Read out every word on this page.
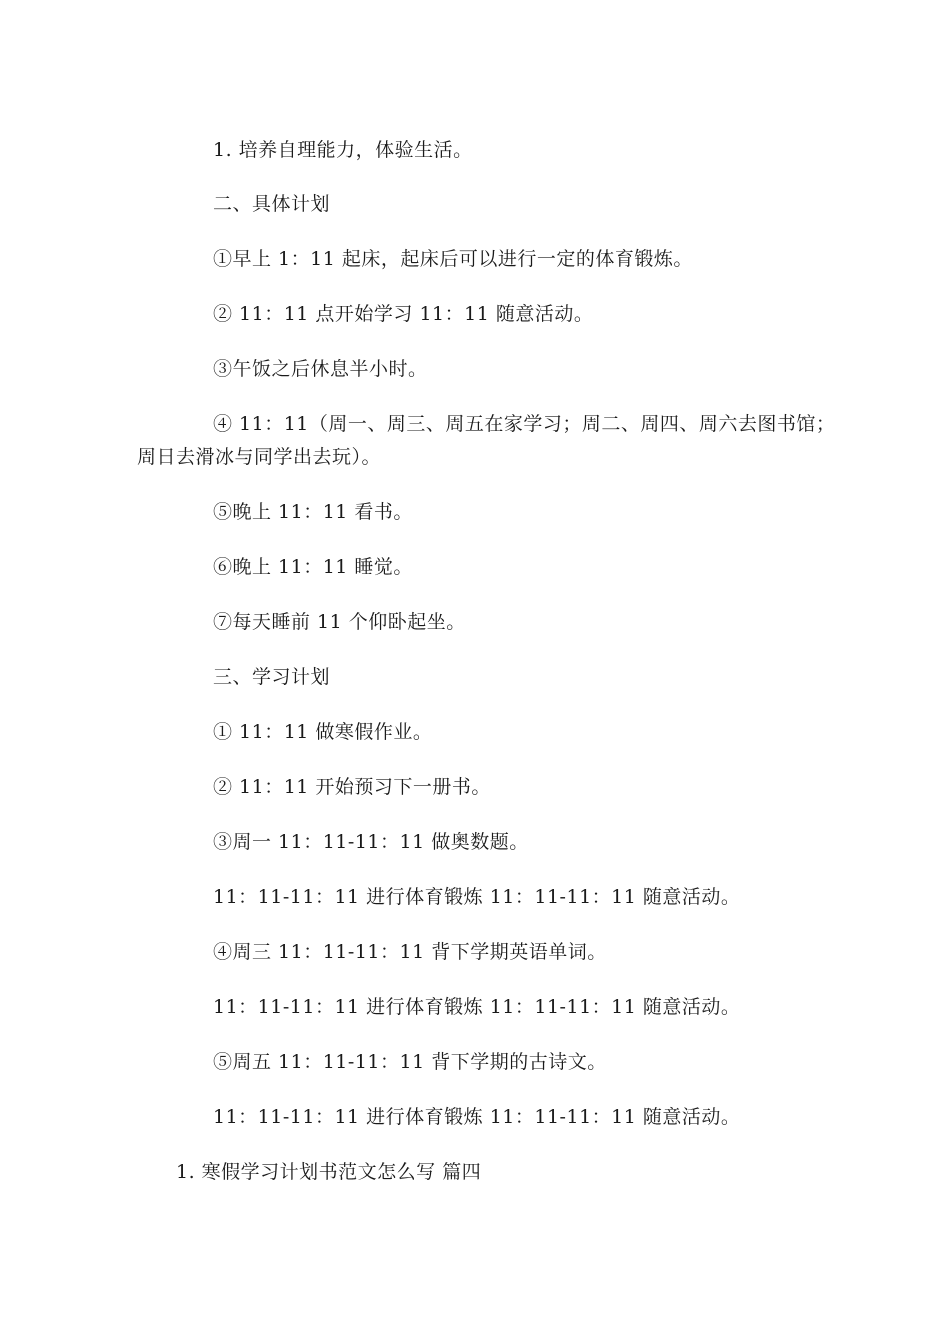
1. 培养自理能力，体验生活。
二、具体计划
①早上 1：11 起床，起床后可以进行一定的体育锻炼。
② 11：11 点开始学习 11：11 随意活动。
③午饭之后休息半小时。
④ 11：11（周一、周三、周五在家学习；周二、周四、周六去图书馆；
周日去滑冰与同学出去玩）。
⑤晚上 11：11 看书。
⑥晚上 11：11 睡觉。
⑦每天睡前 11 个仰卧起坐。
三、学习计划
① 11：11 做寒假作业。
② 11：11 开始预习下一册书。
③周一 11：11-11：11 做奥数题。
11：11-11：11 进行体育锻炼 11：11-11：11 随意活动。
④周三 11：11-11：11 背下学期英语单词。
11：11-11：11 进行体育锻炼 11：11-11：11 随意活动。
⑤周五 11：11-11：11 背下学期的古诗文。
11：11-11：11 进行体育锻炼 11：11-11：11 随意活动。
1. 寒假学习计划书范文怎么写 篇四
